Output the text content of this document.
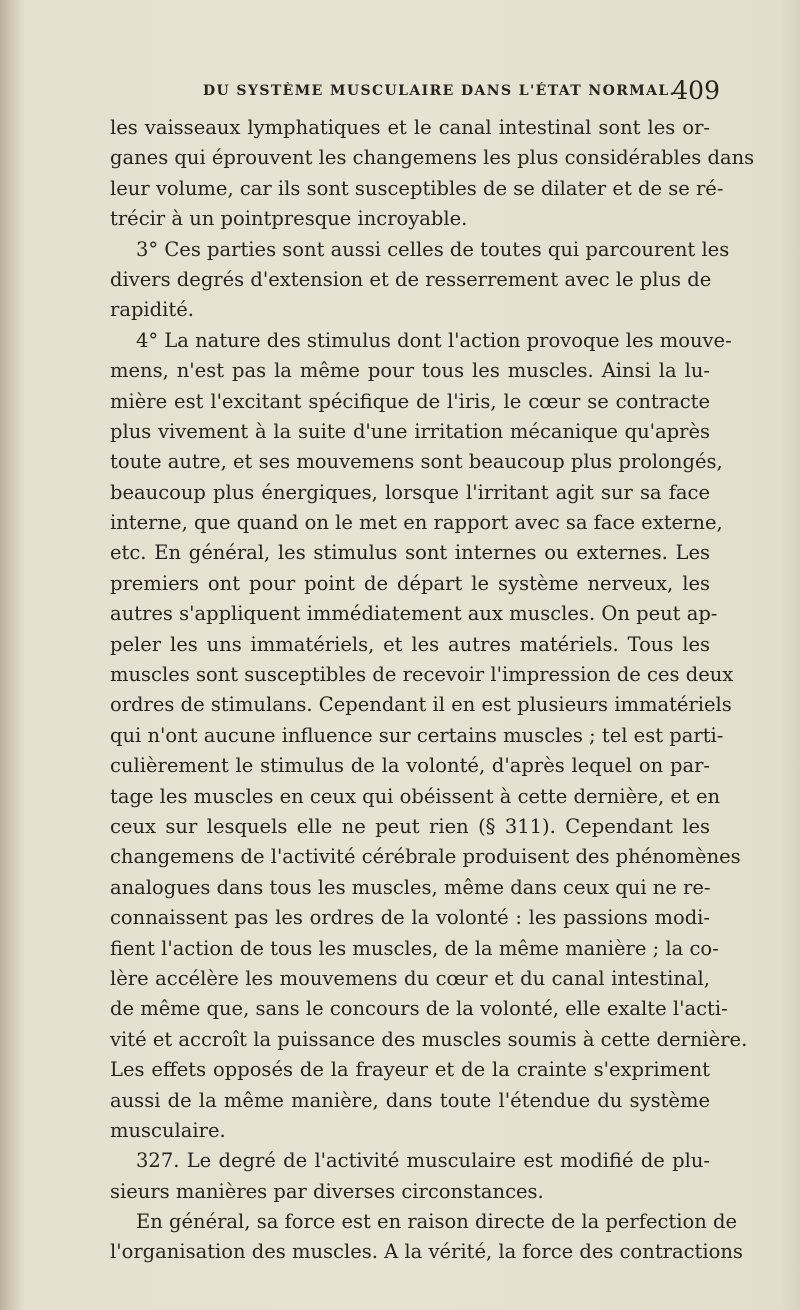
DU SYSTÈME MUSCULAIRE DANS L'ÉTAT NORMAL.
409
les vaisseaux lymphatiques et le canal intestinal sont les or-
ganes qui éprouvent les changemens les plus considérables dans
leur volume, car ils sont susceptibles de se dilater et de se ré-
trécir à un pointpresque incroyable.
3° Ces parties sont aussi celles de toutes qui parcourent les
divers degrés d'extension et de resserrement avec le plus de
rapidité.
4° La nature des stimulus dont l'action provoque les mouve-
mens, n'est pas la même pour tous les muscles. Ainsi la lu-
mière est l'excitant spécifique de l'iris, le cœur se contracte
plus vivement à la suite d'une irritation mécanique qu'après
toute autre, et ses mouvemens sont beaucoup plus prolongés,
beaucoup plus énergiques, lorsque l'irritant agit sur sa face
interne, que quand on le met en rapport avec sa face externe,
etc. En général, les stimulus sont internes ou externes. Les
premiers ont pour point de départ le système nerveux, les
autres s'appliquent immédiatement aux muscles. On peut ap-
peler les uns immatériels, et les autres matériels. Tous les
muscles sont susceptibles de recevoir l'impression de ces deux
ordres de stimulans. Cependant il en est plusieurs immatériels
qui n'ont aucune influence sur certains muscles ; tel est parti-
culièrement le stimulus de la volonté, d'après lequel on par-
tage les muscles en ceux qui obéissent à cette dernière, et en
ceux sur lesquels elle ne peut rien (§ 311). Cependant les
changemens de l'activité cérébrale produisent des phénomènes
analogues dans tous les muscles, même dans ceux qui ne re-
connaissent pas les ordres de la volonté : les passions modi-
fient l'action de tous les muscles, de la même manière ; la co-
lère accélère les mouvemens du cœur et du canal intestinal,
de même que, sans le concours de la volonté, elle exalte l'acti-
vité et accroît la puissance des muscles soumis à cette dernière.
Les effets opposés de la frayeur et de la crainte s'expriment
aussi de la même manière, dans toute l'étendue du système
musculaire.
327. Le degré de l'activité musculaire est modifié de plu-
sieurs manières par diverses circonstances.
En général, sa force est en raison directe de la perfection de
l'organisation des muscles. A la vérité, la force des contractions
